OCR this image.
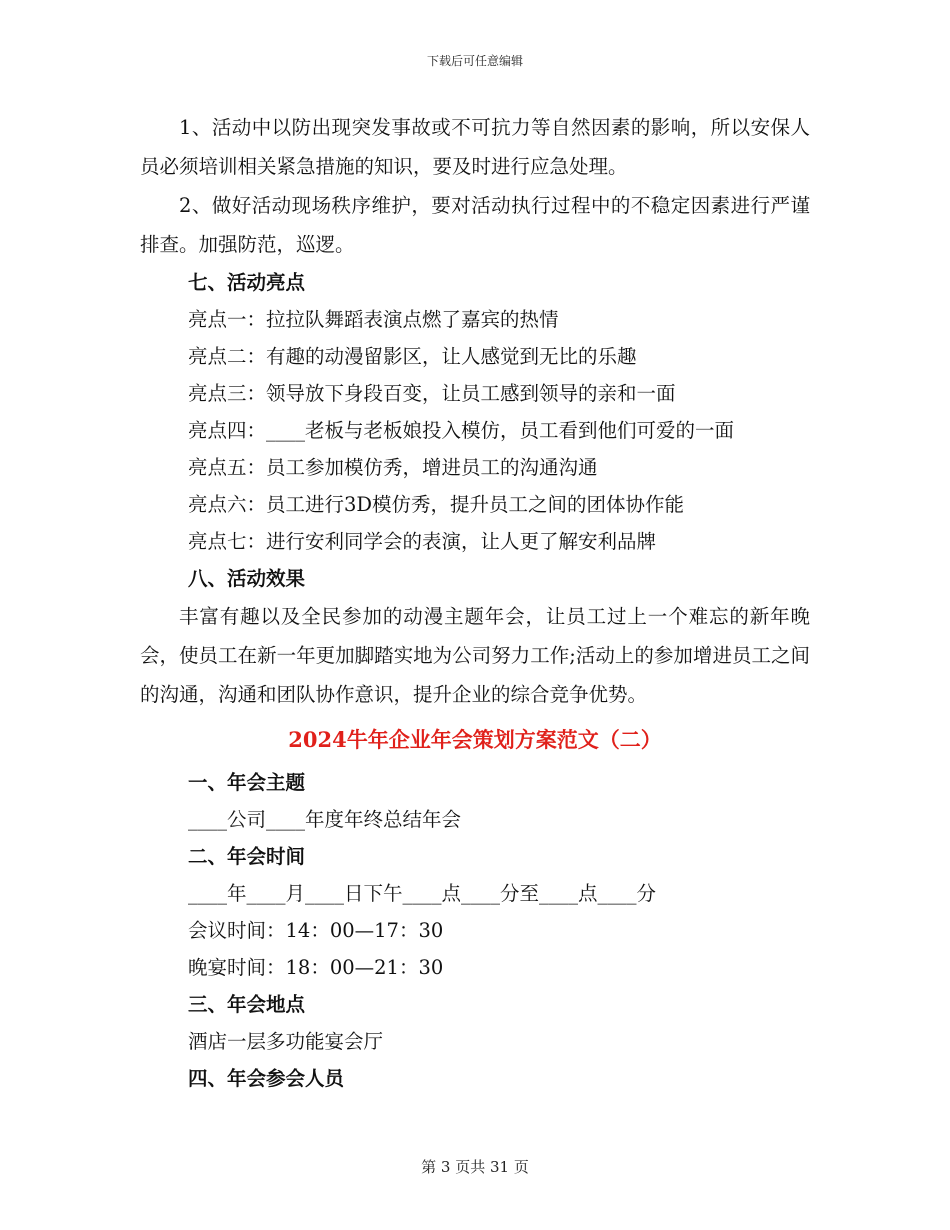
下载后可任意编辑

1、活动中以防出现突发事故或不可抗力等自然因素的影响，所以安保人员必须培训相关紧急措施的知识，要及时进行应急处理。

2、做好活动现场秩序维护，要对活动执行过程中的不稳定因素进行严谨排查。加强防范，巡逻。

七、活动亮点

亮点一：拉拉队舞蹈表演点燃了嘉宾的热情

亮点二：有趣的动漫留影区，让人感觉到无比的乐趣

亮点三：领导放下身段百变，让员工感到领导的亲和一面

亮点四：____老板与老板娘投入模仿，员工看到他们可爱的一面

亮点五：员工参加模仿秀，增进员工的沟通沟通

亮点六：员工进行3D模仿秀，提升员工之间的团体协作能

亮点七：进行安利同学会的表演，让人更了解安利品牌

八、活动效果

丰富有趣以及全民参加的动漫主题年会，让员工过上一个难忘的新年晚会，使员工在新一年更加脚踏实地为公司努力工作;活动上的参加增进员工之间的沟通，沟通和团队协作意识，提升企业的综合竞争优势。

2024牛年企业年会策划方案范文（二）

一、年会主题

____公司____年度年终总结年会

二、年会时间

____年____月____日下午____点____分至____点____分

会议时间：14：00—17：30

晚宴时间：18：00—21：30

三、年会地点

酒店一层多功能宴会厅

四、年会参会人员

第 3 页共 31 页
